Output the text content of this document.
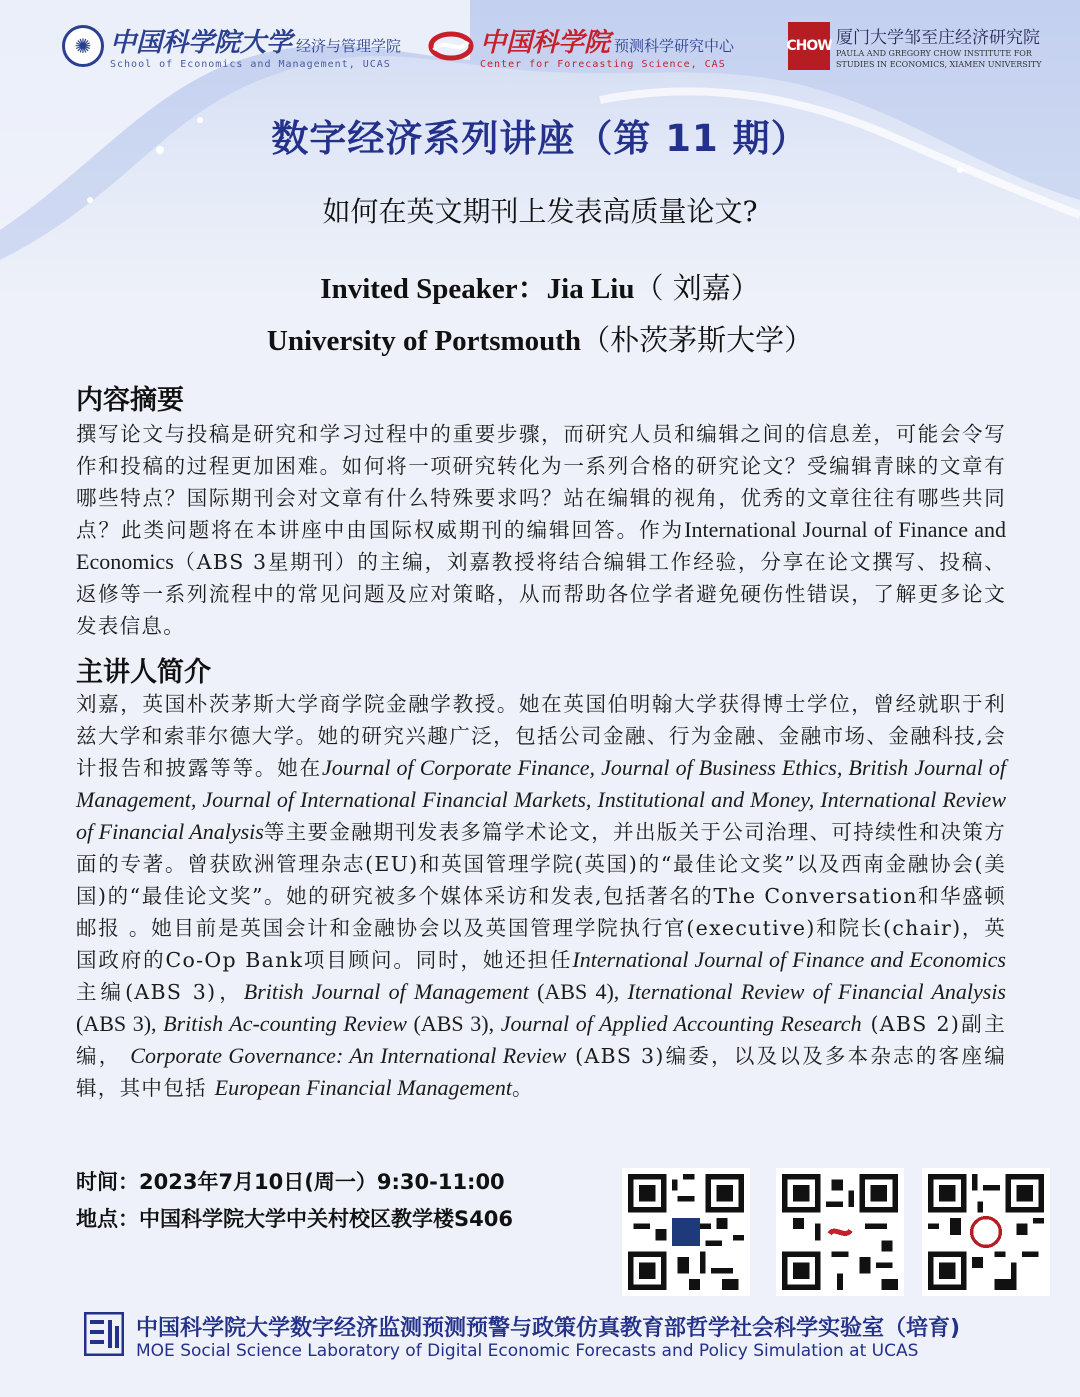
✺ 中国科学院大学 经济与管理学院
School of Economics and Management, UCAS
中国科学院 预测科学研究中心
Center for Forecasting Science, CAS
CHOW 厦门大学邹至庄经济研究院
PAULA AND GREGORY CHOW INSTITUTE FOR
STUDIES IN ECONOMICS, XIAMEN UNIVERSITY
数字经济系列讲座（第 11 期）
如何在英文期刊上发表高质量论文?
Invited Speaker：Jia Liu（ 刘嘉）
University of Portsmouth（朴茨茅斯大学）
内容摘要
撰写论文与投稿是研究和学习过程中的重要步骤，而研究人员和编辑之间的信息差，可能会令写作和投稿的过程更加困难。如何将一项研究转化为一系列合格的研究论文？受编辑青睐的文章有哪些特点？国际期刊会对文章有什么特殊要求吗？站在编辑的视角，优秀的文章往往有哪些共同点？此类问题将在本讲座中由国际权威期刊的编辑回答。作为International Journal of Finance and Economics（ABS 3星期刊）的主编，刘嘉教授将结合编辑工作经验，分享在论文撰写、投稿、返修等一系列流程中的常见问题及应对策略，从而帮助各位学者避免硬伤性错误，了解更多论文发表信息。
主讲人简介
刘嘉，英国朴茨茅斯大学商学院金融学教授。她在英国伯明翰大学获得博士学位，曾经就职于利兹大学和索菲尔德大学。她的研究兴趣广泛，包括公司金融、行为金融、金融市场、金融科技,会计报告和披露等等。她在Journal of Corporate Finance, Journal of Business Ethics, British Journal of Management, Journal of International Financial Markets, Institutional and Money, International Review of Financial Analysis等主要金融期刊发表多篇学术论文，并出版关于公司治理、可持续性和决策方面的专著。曾获欧洲管理杂志(EU)和英国管理学院(英国)的“最佳论文奖”以及西南金融协会(美国)的“最佳论文奖”。她的研究被多个媒体采访和发表,包括著名的The Conversation和华盛顿邮报 。她目前是英国会计和金融协会以及英国管理学院执行官(executive)和院长(chair)，英国政府的Co-Op Bank项目顾问。同时，她还担任International Journal of Finance and Economics主编(ABS 3)，British Journal of Management (ABS 4), Iternational Review of Financial Analysis (ABS 3), British Ac-counting Review (ABS 3), Journal of Applied Accounting Research (ABS 2)副主编， Corporate Governance: An International Review (ABS 3)编委，以及以及多本杂志的客座编辑，其中包括 European Financial Management。
时间：2023年7月10日(周一）9:30-11:00
地点：中国科学院大学中关村校区教学楼S406
中国科学院大学数字经济监测预测预警与政策仿真教育部哲学社会科学实验室（培育)
MOE Social Science Laboratory of Digital Economic Forecasts and Policy Simulation at UCAS
